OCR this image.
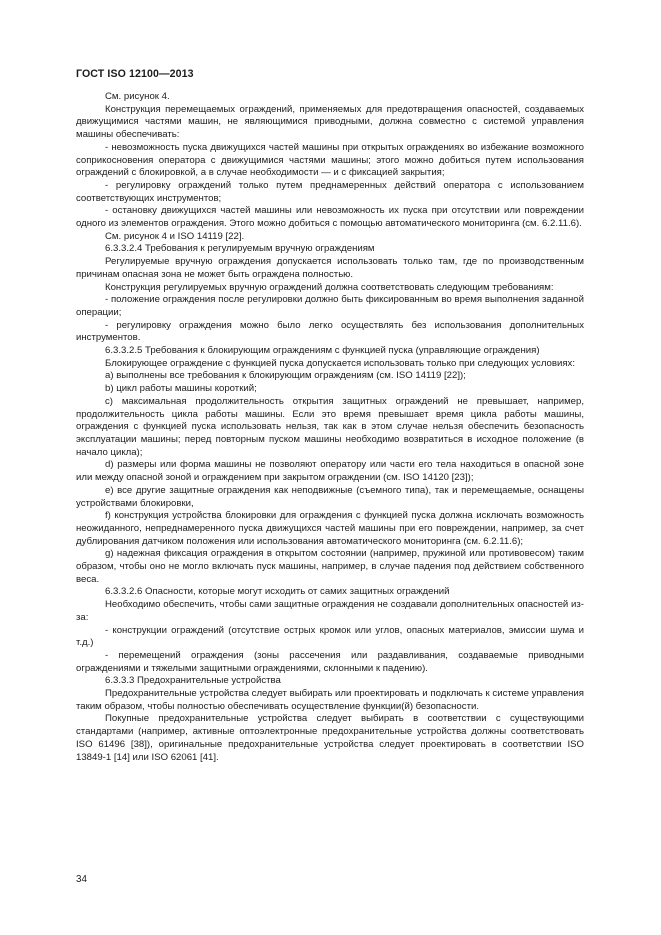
ГОСТ ISO 12100—2013

См. рисунок 4.

Конструкция перемещаемых ограждений, применяемых для предотвращения опасностей, создаваемых движущимися частями машин, не являющимися приводными, должна совместно с системой управления машины обеспечивать:

- невозможность пуска движущихся частей машины при открытых ограждениях во избежание возможного соприкосновения оператора с движущимися частями машины; этого можно добиться путем использования ограждений с блокировкой, а в случае необходимости — и с фиксацией закрытия;

- регулировку ограждений только путем преднамеренных действий оператора с использованием соответствующих инструментов;

- остановку движущихся частей машины или невозможность их пуска при отсутствии или повреждении одного из элементов ограждения. Этого можно добиться с помощью автоматического мониторинга (см. 6.2.11.6).

См. рисунок 4 и ISO 14119 [22].

6.3.3.2.4 Требования к регулируемым вручную ограждениям

Регулируемые вручную ограждения допускается использовать только там, где по производственным причинам опасная зона не может быть ограждена полностью.

Конструкция регулируемых вручную ограждений должна соответствовать следующим требованиям:

- положение ограждения после регулировки должно быть фиксированным во время выполнения заданной операции;

- регулировку ограждения можно было легко осуществлять без использования дополнительных инструментов.

6.3.3.2.5 Требования к блокирующим ограждениям с функцией пуска (управляющие ограждения)

Блокирующее ограждение с функцией пуска допускается использовать только при следующих условиях:

a) выполнены все требования к блокирующим ограждениям (см. ISO 14119 [22]);

b) цикл работы машины короткий;

c) максимальная продолжительность открытия защитных ограждений не превышает, например, продолжительность цикла работы машины. Если это время превышает время цикла работы машины, ограждения с функцией пуска использовать нельзя, так как в этом случае нельзя обеспечить безопасность эксплуатации машины; перед повторным пуском машины необходимо возвратиться в исходное положение (в начало цикла);

d) размеры или форма машины не позволяют оператору или части его тела находиться в опасной зоне или между опасной зоной и ограждением при закрытом ограждении (см. ISO 14120 [23]);

e) все другие защитные ограждения как неподвижные (съемного типа), так и перемещаемые, оснащены устройствами блокировки,

f) конструкция устройства блокировки для ограждения с функцией пуска должна исключать возможность неожиданного, непреднамеренного пуска движущихся частей машины при его повреждении, например, за счет дублирования датчиком положения или использования автоматического мониторинга (см. 6.2.11.6);

g) надежная фиксация ограждения в открытом состоянии (например, пружиной или противовесом) таким образом, чтобы оно не могло включать пуск машины, например, в случае падения под действием собственного веса.

6.3.3.2.6 Опасности, которые могут исходить от самих защитных ограждений

Необходимо обеспечить, чтобы сами защитные ограждения не создавали дополнительных опасностей из-за:

- конструкции ограждений (отсутствие острых кромок или углов, опасных материалов, эмиссии шума и т.д.)

- перемещений ограждения (зоны рассечения или раздавливания, создаваемые приводными ограждениями и тяжелыми защитными ограждениями, склонными к падению).

6.3.3.3 Предохранительные устройства

Предохранительные устройства следует выбирать или проектировать и подключать к системе управления таким образом, чтобы полностью обеспечивать осуществление функции(й) безопасности.

Покупные предохранительные устройства следует выбирать в соответствии с существующими стандартами (например, активные оптоэлектронные предохранительные устройства должны соответствовать ISO 61496 [38]), оригинальные предохранительные устройства следует проектировать в соответствии ISO 13849-1 [14] или ISO 62061 [41].

34
